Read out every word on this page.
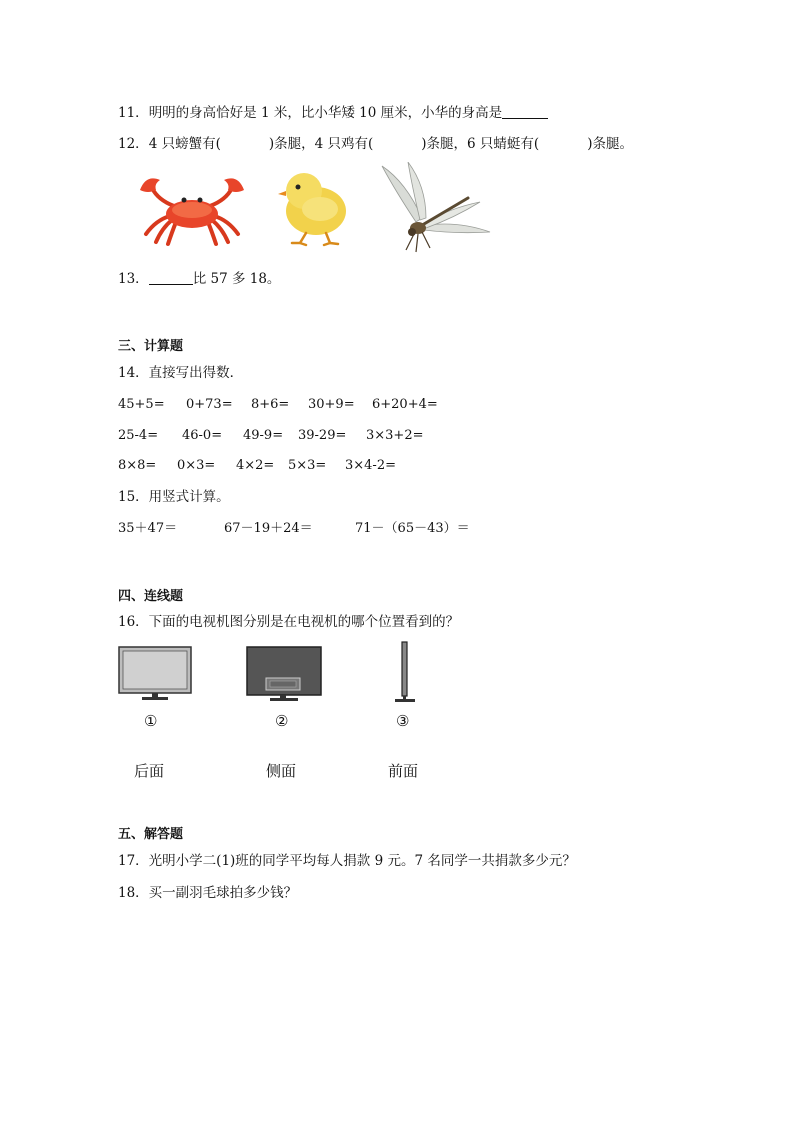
11．明明的身高恰好是 1 米，比小华矮 10 厘米，小华的身高是
12．4 只螃蟹有(	)条腿，4 只鸡有(	)条腿，6 只蜻蜓有(	)条腿。
13．	比 57 多 18。
三、计算题
14．直接写出得数．
45+5= 0+73= 8+6= 30+9= 6+20+4=
25-4= 46-0= 49-9= 39-29= 3×3+2=
8×8= 0×3= 4×2= 5×3= 3×4-2=
15．用竖式计算。
35＋47＝	67－19＋24＝	71－（65－43）＝
四、连线题
16．下面的电视机图分别是在电视机的哪个位置看到的？
①	②	③
后面	侧面	前面
五、解答题
17．光明小学二(1)班的同学平均每人捐款 9 元。7 名同学一共捐款多少元？
18．买一副羽毛球拍多少钱？
